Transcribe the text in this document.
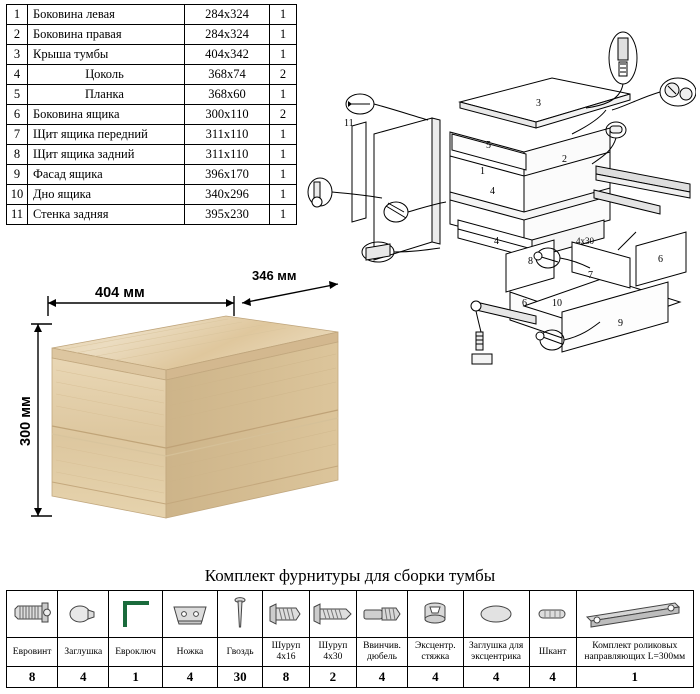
1	Боковина левая	284х324	1
2	Боковина правая	284х324	1
3	Крыша тумбы	404х342	1
4	Цоколь	368х74	2
5	Планка	368х60	1
6	Боковина ящика	300х110	2
7	Щит ящика передний	311х110	1
8	Щит ящика задний	311х110	1
9	Фасад ящика	396х170	1
10	Дно ящика	340х296	1
11	Стенка задняя	395х230	1
11
1
2
3
4
4
5
8
7
6
6	10
9
4х30
404 мм
346 мм
300 мм
Комплект фурнитуры для сборки тумбы

Евровинт	Заглушка	Евроключ	Ножка	Гвоздь	Шуруп 4х16	Шуруп 4х30	Ввинчив. дюбель	Эксцентр. стяжка	Заглушка для эксцентрика	Шкант	Комплект роликовых направляющих L=300мм
8	4	1	4	30	8	2	4	4	4	4	1
